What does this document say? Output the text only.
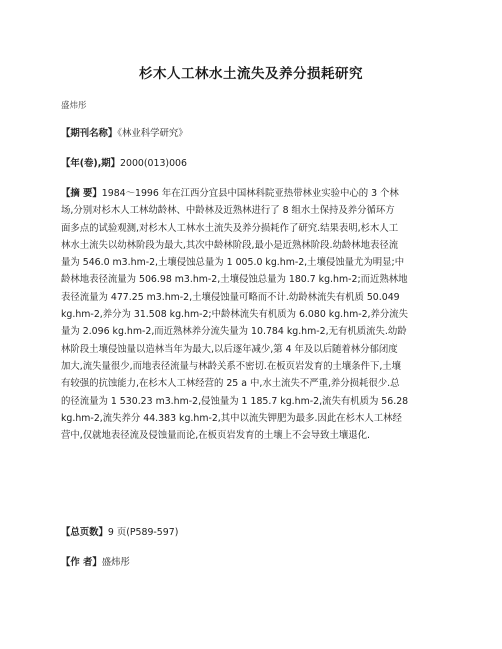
杉木人工林水土流失及养分损耗研究
盛炜彤
【期刊名称】《林业科学研究》
【年(卷),期】2000(013)006
【摘 要】1984～1996 年在江西分宜县中国林科院亚热带林业实验中心的 3 个林
场,分别对杉木人工林幼龄林、中龄林及近熟林进行了 8 组水土保持及养分循环方
面多点的试验观测,对杉木人工林水土流失及养分损耗作了研究.结果表明,杉木人工
林水土流失以幼林阶段为最大,其次中龄林阶段,最小是近熟林阶段.幼龄林地表径流
量为 546.0 m3.hm-2,土壤侵蚀总量为 1 005.0 kg.hm-2,土壤侵蚀量尤为明显;中
龄林地表径流量为 506.98 m3.hm-2,土壤侵蚀总量为 180.7 kg.hm-2;而近熟林地
表径流量为 477.25 m3.hm-2,土壤侵蚀量可略而不计.幼龄林流失有机质 50.049
kg.hm-2,养分为 31.508 kg.hm-2;中龄林流失有机质为 6.080 kg.hm-2,养分流失
量为 2.096 kg.hm-2,而近熟林养分流失量为 10.784 kg.hm-2,无有机质流失.幼龄
林阶段土壤侵蚀量以造林当年为最大,以后逐年减少,第 4 年及以后随着林分郁闭度
加大,流失量很少,而地表径流量与林龄关系不密切.在板页岩发育的土壤条件下,土壤
有较强的抗蚀能力,在杉木人工林经营的 25 a 中,水土流失不严重,养分损耗很少.总
的径流量为 1 530.23 m3.hm-2,侵蚀量为 1 185.7 kg.hm-2,流失有机质为 56.28
kg.hm-2,流失养分 44.383 kg.hm-2,其中以流失钾肥为最多.因此在杉木人工林经
营中,仅就地表径流及侵蚀量而论,在板页岩发育的土壤上不会导致土壤退化.
【总页数】9 页(P589-597)
【作 者】盛炜彤
